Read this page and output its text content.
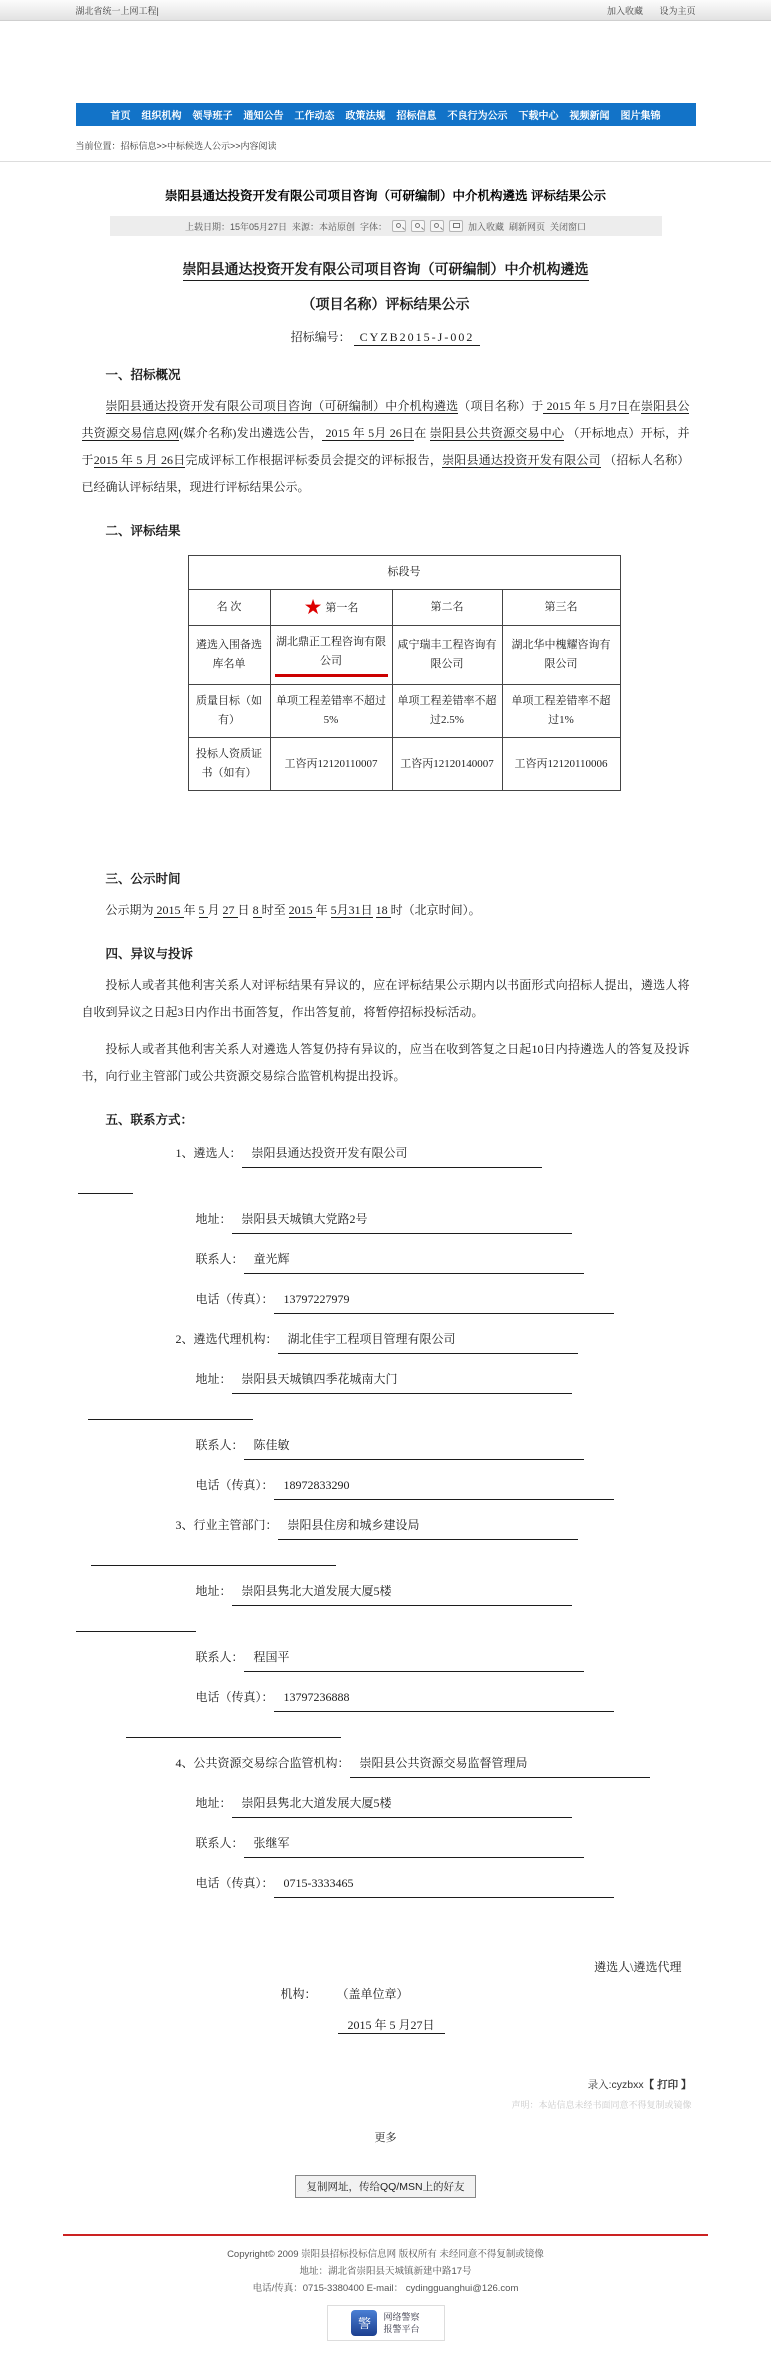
湖北省统一上网工程|	加入收藏 设为主页
首页 组织机构 领导班子 通知公告 工作动态 政策法规 招标信息 不良行为公示 下载中心 视频新闻 图片集锦
当前位置：招标信息>>中标候选人公示>>内容阅读
崇阳县通达投资开发有限公司项目咨询（可研编制）中介机构遴选 评标结果公示
上载日期：15年05月27日 来源：本站原创 字体：	加入收藏 刷新网页 关闭窗口
崇阳县通达投资开发有限公司项目咨询（可研编制）中介机构遴选
（项目名称）评标结果公示
招标编号： CYZB2015-J-002
一、招标概况
崇阳县通达投资开发有限公司项目咨询（可研编制）中介机构遴选（项目名称）于 2015 年 5 月7日在崇阳县公共资源交易信息网(媒介名称)发出遴选公告， 2015 年 5月 26日在 崇阳县公共资源交易中心 （开标地点）开标，并于2015 年 5 月 26日完成评标工作根据评标委员会提交的评标报告，崇阳县通达投资开发有限公司 （招标人名称）已经确认评标结果，现进行评标结果公示。
二、评标结果
标段号			
名 次	★ 第一名	第二名	第三名
遴选入围备选库名单	湖北鼎正工程咨询有限公司	咸宁瑞丰工程咨询有限公司	湖北华中槐耀咨询有限公司
质量目标（如有）	单项工程差错率不超过5%	单项工程差错率不超过2.5%	单项工程差错率不超过1%
投标人资质证书（如有）	工咨丙12120110007	工咨丙12120140007	工咨丙12120110006
三、公示时间
公示期为 2015 年 5 月 27 日 8 时至 2015 年 5月31日 18 时（北京时间）。
四、异议与投诉
投标人或者其他利害关系人对评标结果有异议的，应在评标结果公示期内以书面形式向招标人提出，遴选人将自收到异议之日起3日内作出书面答复，作出答复前，将暂停招标投标活动。
投标人或者其他利害关系人对遴选人答复仍持有异议的，应当在收到答复之日起10日内持遴选人的答复及投诉书，向行业主管部门或公共资源交易综合监管机构提出投诉。
五、联系方式：
1、遴选人： 崇阳县通达投资开发有限公司
地址： 崇阳县天城镇大党路2号
联系人： 童光辉
电话（传真）： 13797227979
2、遴选代理机构： 湖北佳宇工程项目管理有限公司
地址： 崇阳县天城镇四季花城南大门
联系人： 陈佳敏
电话（传真）： 18972833290
3、行业主管部门： 崇阳县住房和城乡建设局
地址： 崇阳县隽北大道发展大厦5楼
联系人： 程国平
电话（传真）： 13797236888
4、公共资源交易综合监管机构： 崇阳县公共资源交易监督管理局
地址： 崇阳县隽北大道发展大厦5楼
联系人： 张继军
电话（传真）： 0715-3333465
遴选人\遴选代理
机构： （盖单位章）
2015 年 5 月27日
录入:cyzbxx【 打印 】
声明：本站信息未经书面同意不得复制或镜像
更多
复制网址，传给QQ/MSN上的好友
Copyright© 2009 崇阳县招标投标信息网 版权所有 未经同意不得复制或镜像
地址：湖北省崇阳县天城镇新建中路17号
电话/传真：0715-3380400 E-mail： cydingguanghui@126.com
警	网络警察
报警平台
